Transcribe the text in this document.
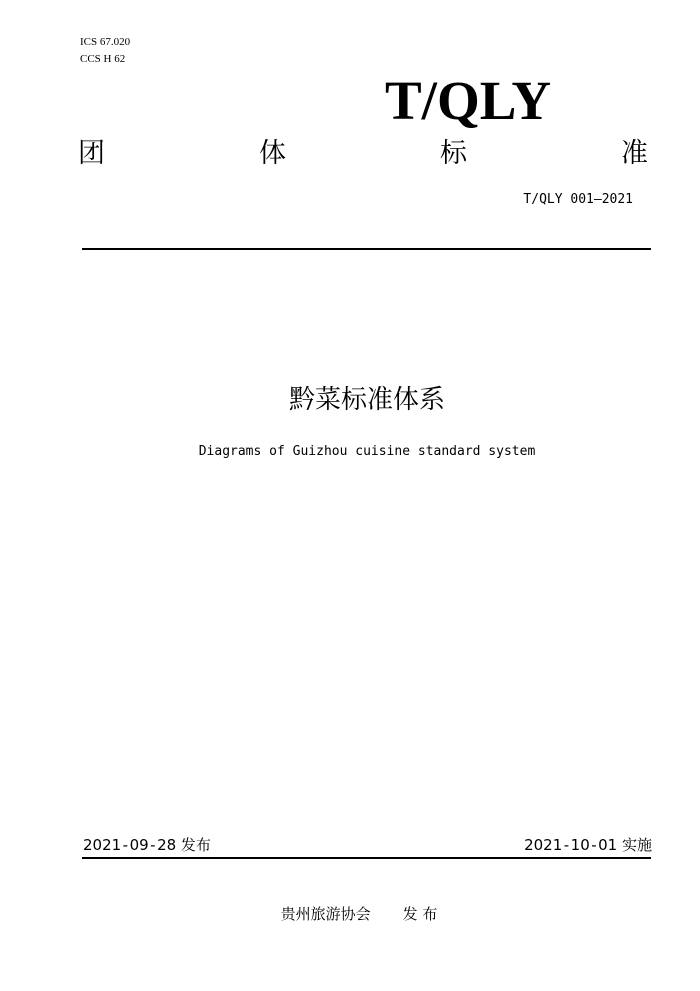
ICS 67.020
CCS H 62
T/QLY
团	体	标	准
T/QLY 001—2021
黔菜标准体系
Diagrams of Guizhou cuisine standard system
2021 - 09 - 28 发布	2021 - 10 - 01 实施
贵州旅游协会 发 布
